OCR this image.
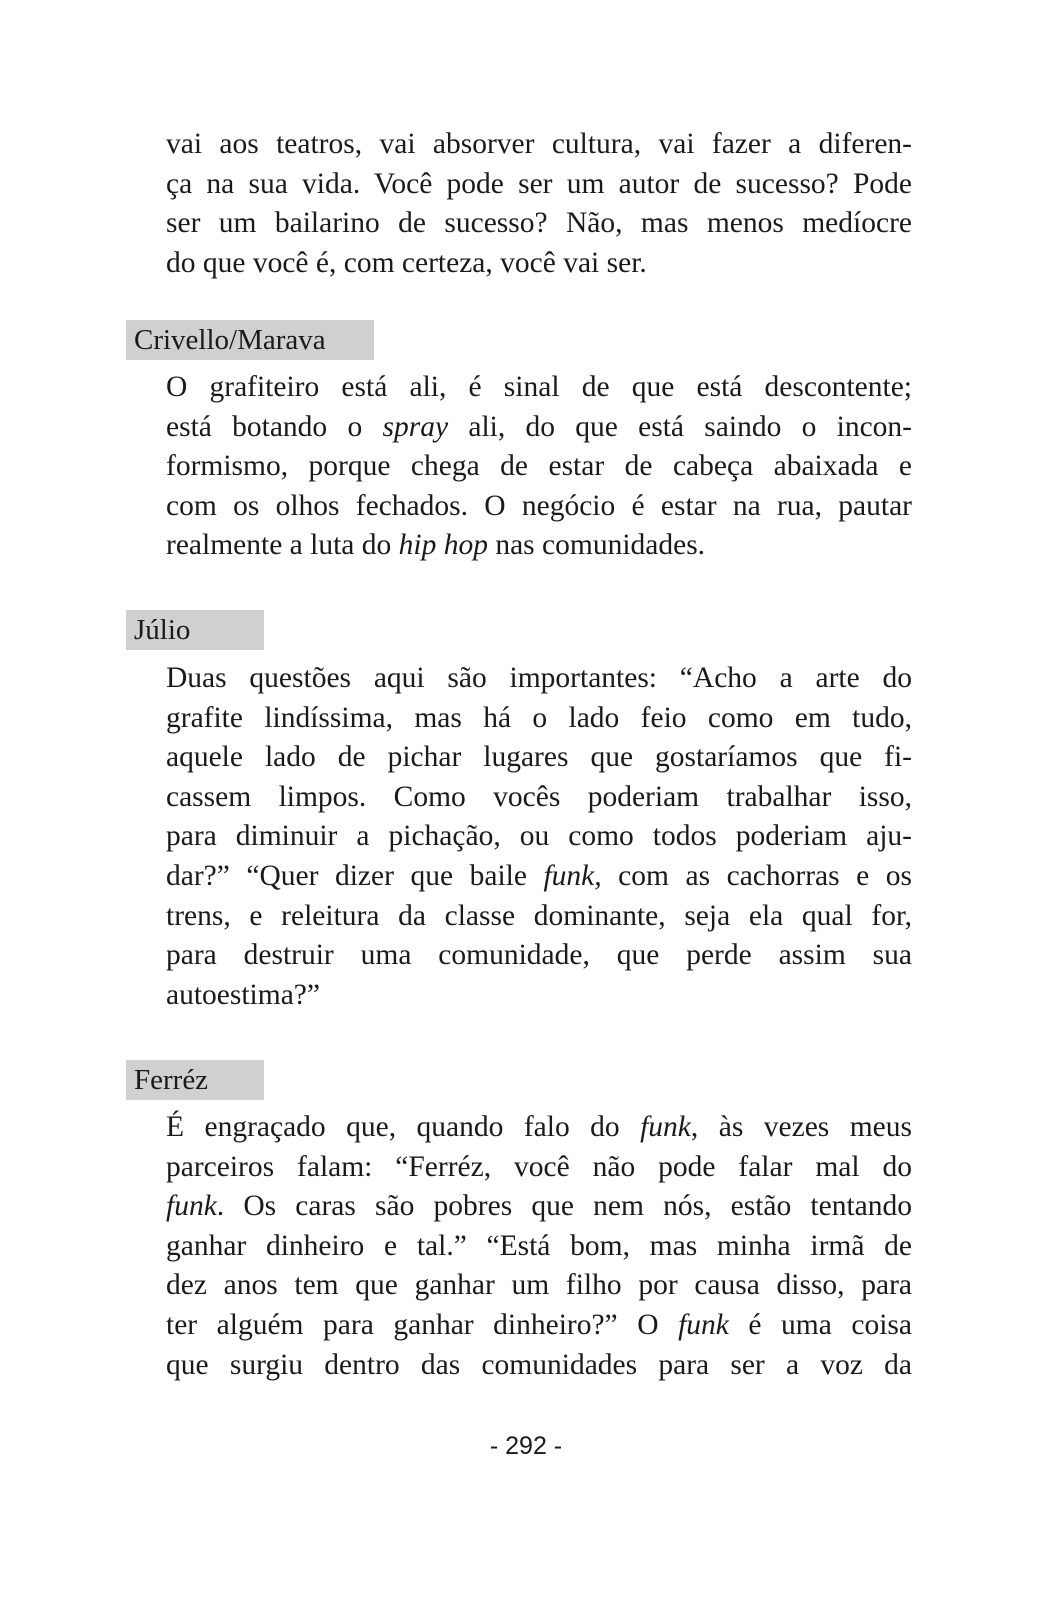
vai aos teatros, vai absorver cultura, vai fazer a diferen-
ça na sua vida. Você pode ser um autor de sucesso? Pode
ser um bailarino de sucesso? Não, mas menos medíocre
do que você é, com certeza, você vai ser.
Crivello/Marava
O grafiteiro está ali, é sinal de que está descontente;
está botando o spray ali, do que está saindo o incon-
formismo, porque chega de estar de cabeça abaixada e
com os olhos fechados. O negócio é estar na rua, pautar
realmente a luta do hip hop nas comunidades.
Júlio
Duas questões aqui são importantes: “Acho a arte do
grafite lindíssima, mas há o lado feio como em tudo,
aquele lado de pichar lugares que gostaríamos que fi-
cassem limpos. Como vocês poderiam trabalhar isso,
para diminuir a pichação, ou como todos poderiam aju-
dar?” “Quer dizer que baile funk, com as cachorras e os
trens, e releitura da classe dominante, seja ela qual for,
para destruir uma comunidade, que perde assim sua
autoestima?”
Ferréz
É engraçado que, quando falo do funk, às vezes meus
parceiros falam: “Ferréz, você não pode falar mal do
funk. Os caras são pobres que nem nós, estão tentando
ganhar dinheiro e tal.” “Está bom, mas minha irmã de
dez anos tem que ganhar um filho por causa disso, para
ter alguém para ganhar dinheiro?” O funk é uma coisa
que surgiu dentro das comunidades para ser a voz da
- 292 -
